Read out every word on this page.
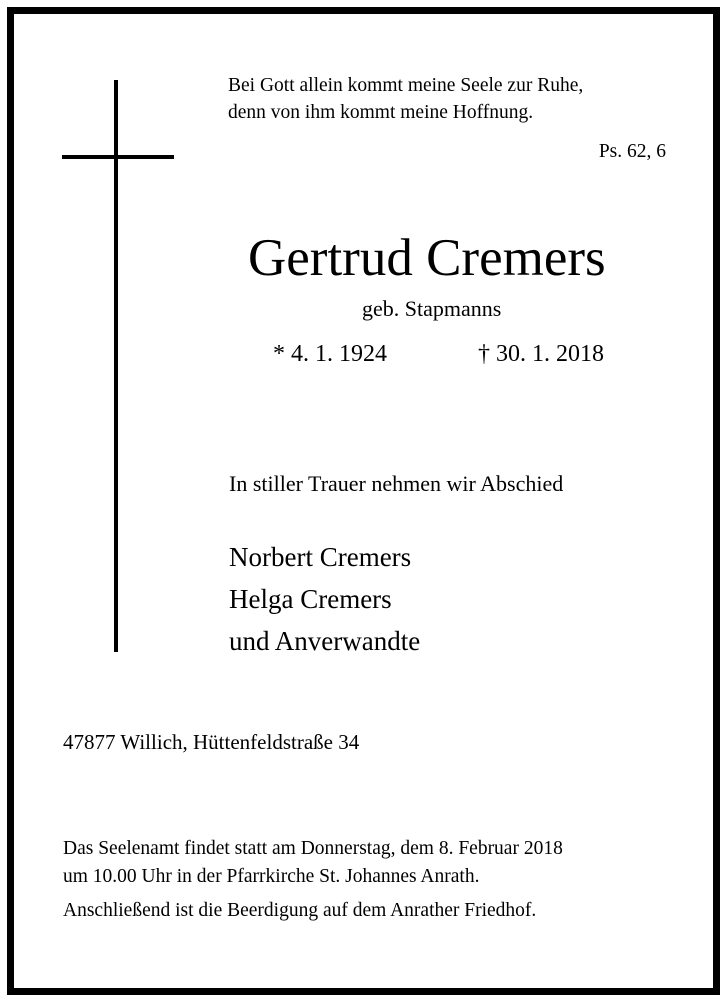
Bei Gott allein kommt meine Seele zur Ruhe,
denn von ihm kommt meine Hoffnung.
Ps. 62, 6
Gertrud Cremers
geb. Stapmanns
* 4. 1. 1924	† 30. 1. 2018
In stiller Trauer nehmen wir Abschied
Norbert Cremers
Helga Cremers
und Anverwandte
47877 Willich, Hüttenfeldstraße 34
Das Seelenamt findet statt am Donnerstag, dem 8. Februar 2018
um 10.00 Uhr in der Pfarrkirche St. Johannes Anrath.
Anschließend ist die Beerdigung auf dem Anrather Friedhof.
